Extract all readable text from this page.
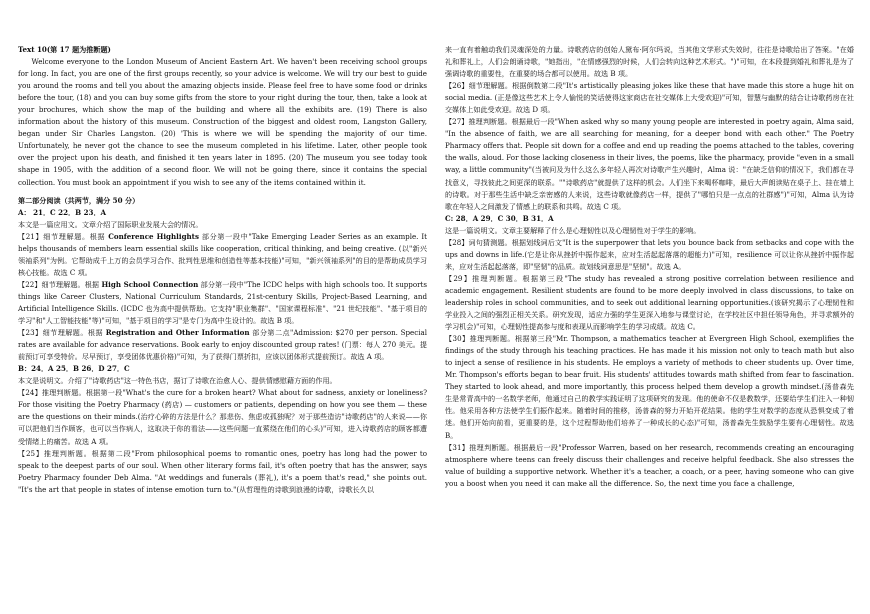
Text 10(第 17 题为推断题)

Welcome everyone to the London Museum of Ancient Eastern Art. We haven't been receiving school groups for long. In fact, you are one of the first groups recently, so your advice is welcome. We will try our best to guide you around the rooms and tell you about the amazing objects inside. Please feel free to have some food or drinks before the tour, (18) and you can buy some gifts from the store to your right during the tour, then, take a look at your brochures, which show the map of the building and where all the exhibits are. (19) There is also information about the history of this museum. Construction of the biggest and oldest room, Langston Gallery, began under Sir Charles Langston. (20) 'This is where we will be spending the majority of our time. Unfortunately, he never got the chance to see the museum completed in his lifetime. Later, other people took over the project upon his death, and finished it ten years later in 1895. (20) The museum you see today took shape in 1905, with the addition of a second floor. We will not be going there, since it contains the special collection. You must book an appointment if you wish to see any of the items contained within it.

第二部分阅读（共两节，满分 50 分）

A： 21．C 22．B 23．A

本文是一篇应用文。文章介绍了国际职业发展大会的情况。

【21】细节理解题。根据 Conference Highlights 部分第一段中"Take Emerging Leader Series as an example. It helps thousands of members learn essential skills like cooperation, critical thinking, and being creative. (以"新兴领袖系列"为例。它帮助成千上万的会员学习合作、批判性思维和创造性等基本技能)"可知，"新兴领袖系列"的目的是帮助成员学习核心技能。故选 C 项。

【22】细节理解题。根据 High School Connection 部分第一段中"The ICDC helps with high schools too. It supports things like Career Clusters, National Curriculum Standards, 21st-century Skills, Project-Based Learning, and Artificial Intelligence Skills. (ICDC 也为高中提供帮助。它支持"职业集群"、"国家课程标准"、"21 世纪技能"、"基于项目的学习"和"人工智能技能"等)"可知，"基于项目的学习"是专门为高中生设计的。故选 B 项。

【23】细节理解题。根据 Registration and Other Information 部分第二点"Admission: $270 per person. Special rates are available for advance reservations. Book early to enjoy discounted group rates! (门票：每人 270 美元。提前预订可享受特价。尽早预订，享受团体优惠价格)"可知，为了获得门票折扣，应该以团体形式提前预订。故选 A 项。

B：24．A 25．B 26．D 27．C

本文是说明文。介绍了"诗歌药店"这一特色书店，据订了诗歌在治愈人心、提供情感慰藉方面的作用。

【24】推理判断题。根据第一段"What's the cure for a broken heart? What about for sadness, anxiety or loneliness? For those visiting the Poetry Pharmacy (药店) — customers or patients, depending on how you see them — these are the questions on their minds.(治疗心碎的方法是什么？那悲伤、焦虑或孤独呢？对于那些造访"诗歌药店"的人来说——你可以把他们当作顾客，也可以当作病人，这取决于你的看法——这些问题一直萦绕在他们的心头)"可知，进入诗歌药店的顾客都遭受情绪上的痛苦。故选 A 项。

【25】推理判断题。根据第二段"From philosophical poems to romantic ones, poetry has long had the power to speak to the deepest parts of our soul. When other literary forms fail, it's often poetry that has the answer, says Poetry Pharmacy founder Deb Alma. "At weddings and funerals (葬礼), it's a poem that's read," she points out. "It's the art that people in states of intense emotion turn to."(从哲理性的诗歌到浪漫的诗歌，诗歌长久以

来一直有着触动我们灵魂深处的力量。诗歌药店的创始人黛布·阿尔玛说，当其他文学形式失效时，往往是诗歌给出了答案。"在婚礼和葬礼上，人们会朗诵诗歌，"她指出，"在情感强烈的时候，人们会转向这种艺术形式。")"可知，在本段提到婚礼和葬礼是为了强调诗歌的重要性，在重要的场合都可以使用。故选 B 项。

【26】细节理解题。根据倒数第二段"It's artistically pleasing jokes like these that have made this store a huge hit on social media. (正是像这些艺术上令人愉悦的笑话使得这家商店在社交媒体上大受欢迎)"可知，智慧与幽默的结合让诗歌药房在社交媒体上如此受欢迎。故选 D 项。

【27】推理判断题。根据最后一段"When asked why so many young people are interested in poetry again, Alma said, "In the absence of faith, we are all searching for meaning, for a deeper bond with each other." The Poetry Pharmacy offers that. People sit down for a coffee and end up reading the poems attached to the tables, covering the walls, aloud. For those lacking closeness in their lives, the poems, like the pharmacy, provide "even in a small way, a little community"(当被问及为什么这么多年轻人再次对诗歌产生兴趣时，Alma 说："在缺乏信仰的情况下，我们都在寻找意义，寻找彼此之间更深的联系。""诗歌药店"就提供了这样的机会。人们坐下来喝杯咖啡，最后大声朗读贴在桌子上、挂在墙上的诗歌。对于那些生活中缺乏亲密感的人来说，这些诗歌就像药店一样，提供了"哪怕只是一点点的社群感")"可知，Alma 认为诗歌在年轻人之间激发了情感上的联系和共鸣。故选 C 项。

C: 28．A 29．C 30．B 31．A

这是一篇说明文。文章主要解释了什么是心理韧性以及心理韧性对于学生的影响。

【28】词句猜测题。根据划线词后文"It is the superpower that lets you bounce back from setbacks and cope with the ups and downs in life.(它是让你从挫折中振作起来，应对生活起起落落的超能力)"可知，resilience 可以让你从挫折中振作起来，应对生活起起落落，即"坚韧"的品质。故划线词意思是"坚韧"。故选 A。

【29】推理判断题。根据第三段"The study has revealed a strong positive correlation between resilience and academic engagement. Resilient students are found to be more deeply involved in class discussions, to take on leadership roles in school communities, and to seek out additional learning opportunities.(该研究揭示了心理韧性和学业投入之间的强烈正相关关系。研究发现，适应力强的学生更深入地参与课堂讨论，在学校社区中担任领导角色，并寻求额外的学习机会)"可知，心理韧性提高参与度和表现从而影响学生的学习成绩。故选 C。

【30】推理判断题。根据第三段"Mr. Thompson, a mathematics teacher at Evergreen High School, exemplifies the findings of the study through his teaching practices. He has made it his mission not only to teach math but also to inject a sense of resilience in his students. He employs a variety of methods to cheer students up. Over time, Mr. Thompson's efforts began to bear fruit. His students' attitudes towards math shifted from fear to fascination. They started to look ahead, and more importantly, this process helped them develop a growth mindset.(汤普森先生是常青高中的一名数学老师，他通过自己的教学实践证明了这项研究的发现。他的使命不仅是教数学，还要给学生们注入一种韧性。他采用各种方法使学生们振作起来。随着时间的推移，汤普森的努力开始开花结果。他的学生对数学的态度从恐惧变成了着迷。他们开始向前看，更重要的是，这个过程帮助他们培养了一种成长的心态)"可知，汤普森先生鼓励学生要有心理韧性。故选 B。

【31】推理判断题。根据最后一段"Professor Warren, based on her research, recommends creating an encouraging atmosphere where teens can freely discuss their challenges and receive helpful feedback. She also stresses the value of building a supportive network. Whether it's a teacher, a coach, or a peer, having someone who can give you a boost when you need it can make all the difference. So, the next time you face a challenge,
